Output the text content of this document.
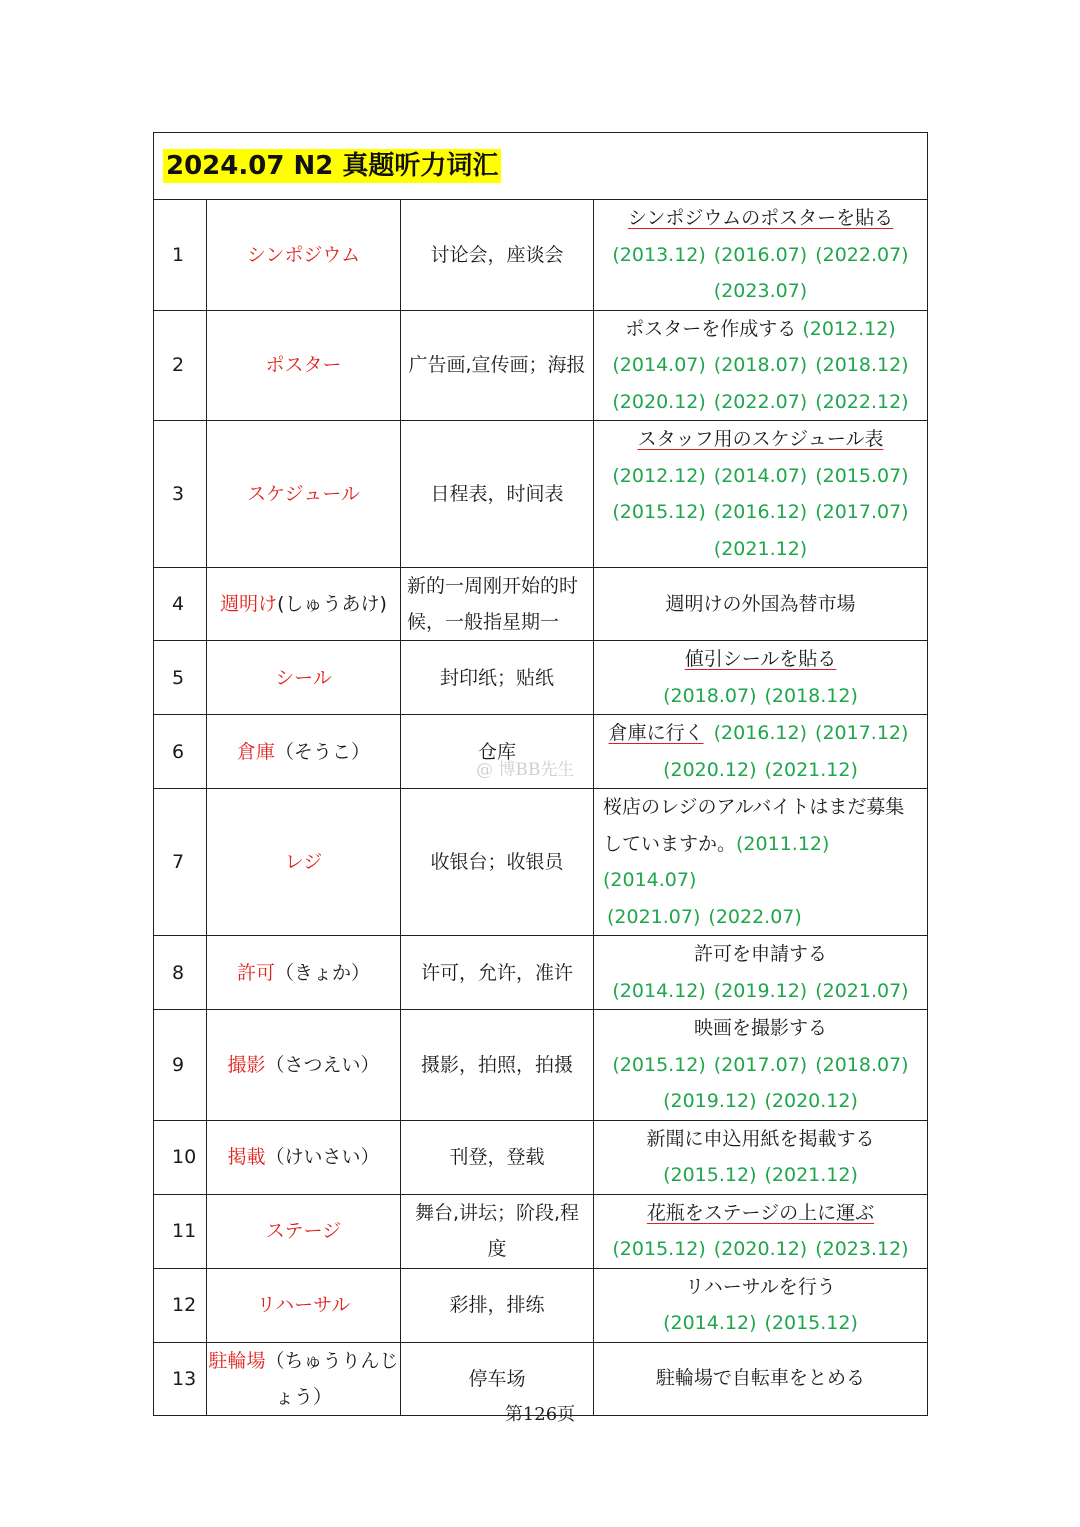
2024.07 N2 真题听力词汇			
1	シンポジウム	讨论会，座谈会	シンポジウムのポスターを貼る
(2013.12) (2016.07) (2022.07)
(2023.07)
2	ポスター	广告画,宣传画；海报	ポスターを作成する (2012.12)
(2014.07) (2018.07) (2018.12)
(2020.12) (2022.07) (2022.12)
3	スケジュール	日程表，时间表	スタッフ用のスケジュール表
(2012.12) (2014.07) (2015.07)
(2015.12) (2016.12) (2017.07)
(2021.12)
4	週明け(しゅうあけ)	新的一周刚开始的时候，一般指星期一	週明けの外国為替市場
5	シール	封印纸；贴纸	値引シールを貼る
(2018.07) (2018.12)
6	倉庫（そうこ）	仓库	倉庫に行く (2016.12) (2017.12)
(2020.12) (2021.12)
7	レジ	收银台；收银员	桜店のレジのアルバイトはまだ募集していますか。(2011.12) (2014.07)
(2021.07) (2022.07)
8	許可（きょか）	许可，允许，准许	許可を申請する
(2014.12) (2019.12) (2021.07)
9	撮影（さつえい）	摄影，拍照，拍摄	映画を撮影する
(2015.12) (2017.07) (2018.07)
(2019.12) (2020.12)
10	掲載（けいさい）	刊登，登载	新聞に申込用紙を掲載する
(2015.12) (2021.12)
11	ステージ	舞台,讲坛；阶段,程度	花瓶をステージの上に運ぶ
(2015.12) (2020.12) (2023.12)
12	リハーサル	彩排，排练	リハーサルを行う
(2014.12) (2015.12)
13	駐輪場（ちゅうりんじょう）	停车场	駐輪場で自転車をとめる
@ 博BB先生
第126页
